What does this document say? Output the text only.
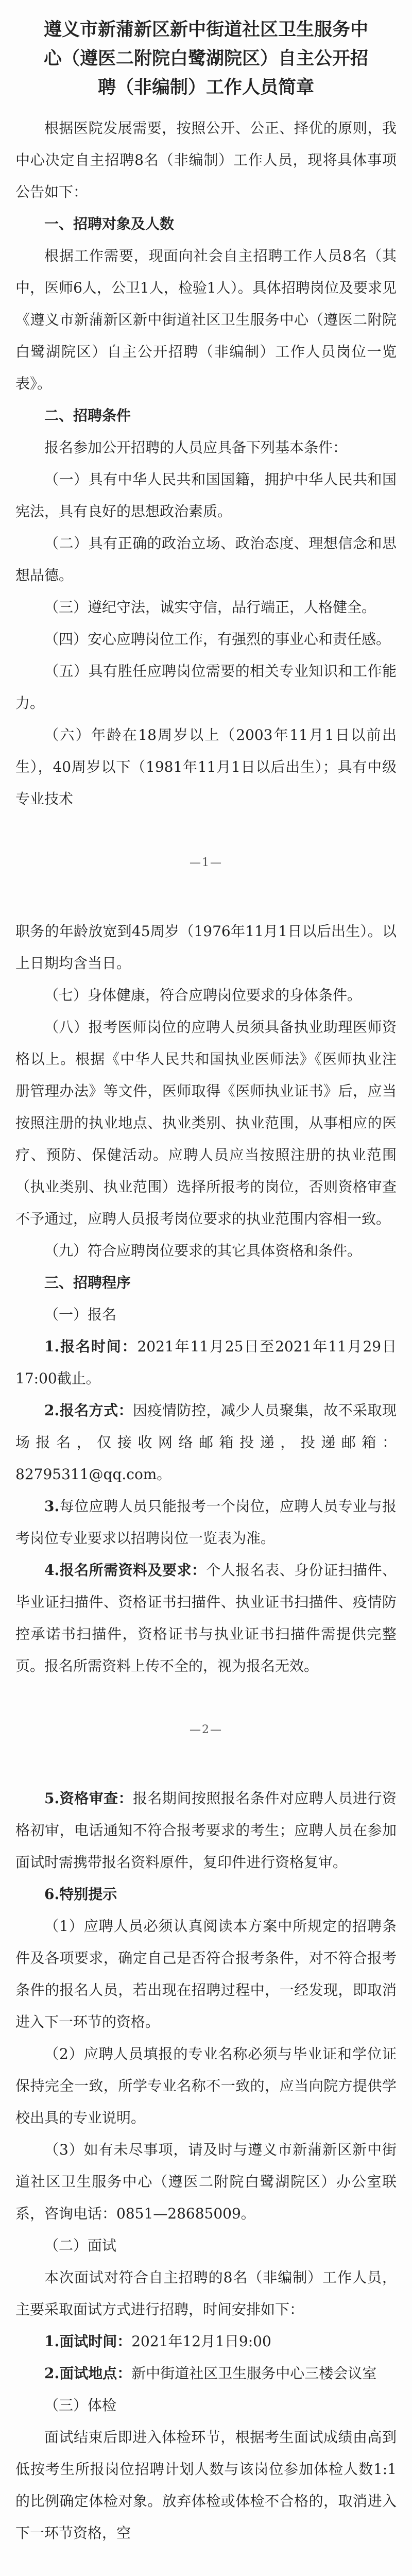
遵义市新蒲新区新中街道社区卫生服务中心（遵医二附院白鹭湖院区）自主公开招聘（非编制）工作人员简章

根据医院发展需要，按照公开、公正、择优的原则，我中心决定自主招聘8名（非编制）工作人员，现将具体事项公告如下：

一、招聘对象及人数

根据工作需要，现面向社会自主招聘工作人员8名（其中，医师6人，公卫1人，检验1人）。具体招聘岗位及要求见《遵义市新蒲新区新中街道社区卫生服务中心（遵医二附院白鹭湖院区）自主公开招聘（非编制）工作人员岗位一览表》。

二、招聘条件

报名参加公开招聘的人员应具备下列基本条件：

（一）具有中华人民共和国国籍，拥护中华人民共和国宪法，具有良好的思想政治素质。

（二）具有正确的政治立场、政治态度、理想信念和思想品德。

（三）遵纪守法，诚实守信，品行端正，人格健全。

（四）安心应聘岗位工作，有强烈的事业心和责任感。

（五）具有胜任应聘岗位需要的相关专业知识和工作能力。

（六）年龄在18周岁以上（2003年11月1日以前出生），40周岁以下（1981年11月1日以后出生）；具有中级专业技术

—1—

职务的年龄放宽到45周岁（1976年11月1日以后出生）。以上日期均含当日。

（七）身体健康，符合应聘岗位要求的身体条件。

（八）报考医师岗位的应聘人员须具备执业助理医师资格以上。根据《中华人民共和国执业医师法》《医师执业注册管理办法》等文件，医师取得《医师执业证书》后，应当按照注册的执业地点、执业类别、执业范围，从事相应的医疗、预防、保健活动。应聘人员应当按照注册的执业范围（执业类别、执业范围）选择所报考的岗位，否则资格审查不予通过，应聘人员报考岗位要求的执业范围内容相一致。

（九）符合应聘岗位要求的其它具体资格和条件。

三、招聘程序

（一）报名

1.报名时间：2021年11月25日至2021年11月29日17:00截止。

2.报名方式：因疫情防控，减少人员聚集，故不采取现场报名，仅接收网络邮箱投递，投递邮箱：82795311@qq.com。

3.每位应聘人员只能报考一个岗位，应聘人员专业与报考岗位专业要求以招聘岗位一览表为准。

4.报名所需资料及要求：个人报名表、身份证扫描件、毕业证扫描件、资格证书扫描件、执业证书扫描件、疫情防控承诺书扫描件，资格证书与执业证书扫描件需提供完整页。报名所需资料上传不全的，视为报名无效。

—2—

5.资格审查：报名期间按照报名条件对应聘人员进行资格初审，电话通知不符合报考要求的考生；应聘人员在参加面试时需携带报名资料原件，复印件进行资格复审。

6.特别提示

（1）应聘人员必须认真阅读本方案中所规定的招聘条件及各项要求，确定自己是否符合报考条件，对不符合报考条件的报名人员，若出现在招聘过程中，一经发现，即取消进入下一环节的资格。

（2）应聘人员填报的专业名称必须与毕业证和学位证保持完全一致，所学专业名称不一致的，应当向院方提供学校出具的专业说明。

（3）如有未尽事项，请及时与遵义市新蒲新区新中街道社区卫生服务中心（遵医二附院白鹭湖院区）办公室联系，咨询电话：0851—28685009。

（二）面试

本次面试对符合自主招聘的8名（非编制）工作人员，主要采取面试方式进行招聘，时间安排如下：

1.面试时间：2021年12月1日9:00

2.面试地点：新中街道社区卫生服务中心三楼会议室

（三）体检

面试结束后即进入体检环节，根据考生面试成绩由高到低按考生所报岗位招聘计划人数与该岗位参加体检人数1:1的比例确定体检对象。放弃体检或体检不合格的，取消进入下一环节资格，空
